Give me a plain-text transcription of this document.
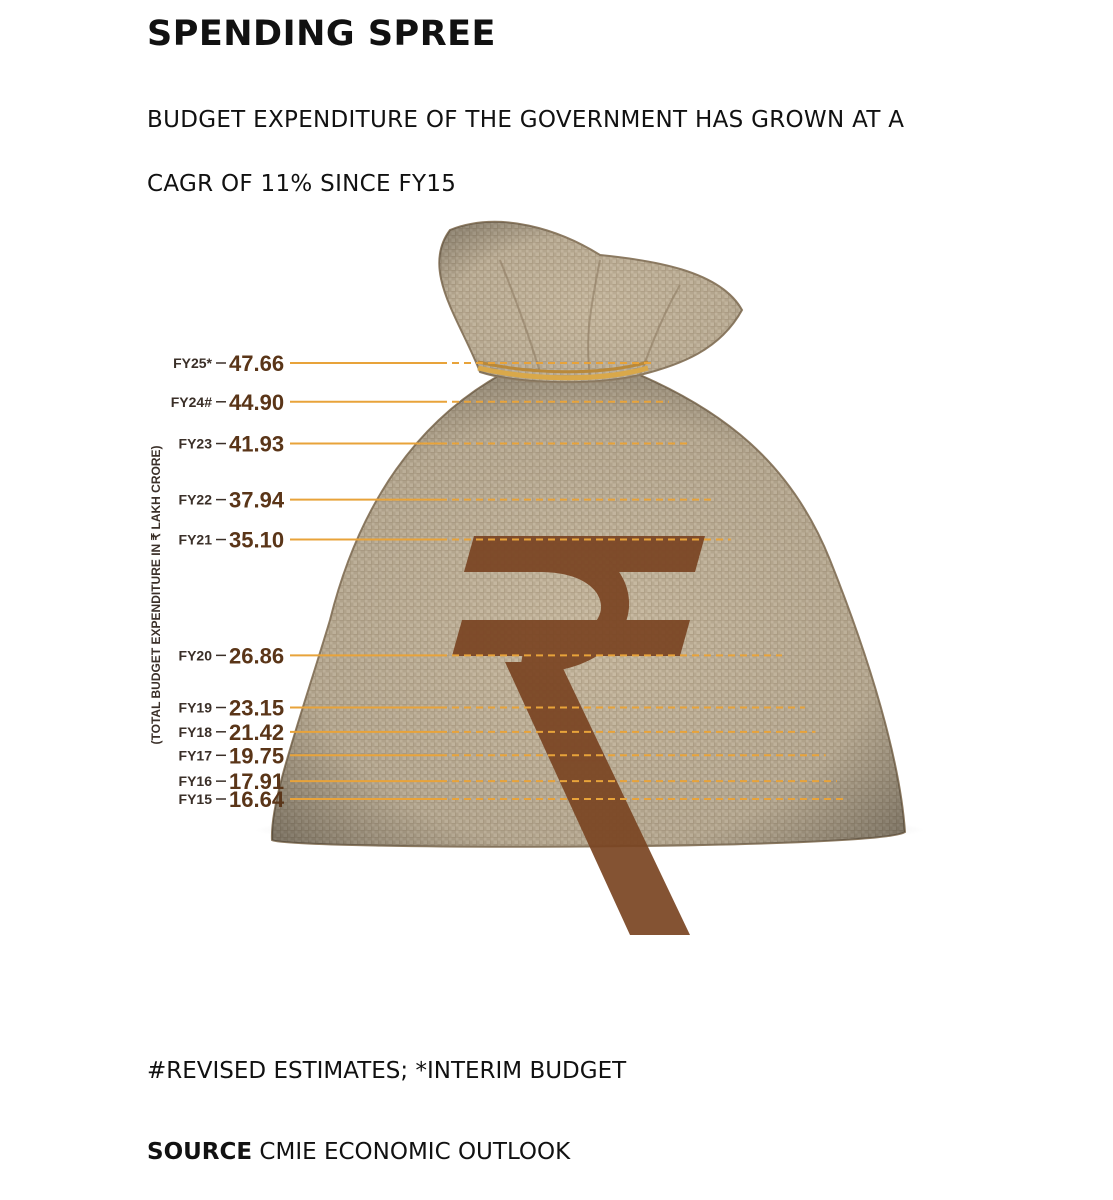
SPENDING SPREE

BUDGET EXPENDITURE OF THE GOVERNMENT HAS GROWN AT A CAGR OF 11% SINCE FY15

FY15 16.64
FY16 17.91
FY17 19.75
FY18 21.42
FY19 23.15
FY20 26.86
FY21 35.10
FY22 37.94
FY23 41.93
FY24# 44.90
FY25* 47.66
(TOTAL BUDGET EXPENDITURE IN ₹ LAKH CRORE)

#REVISED ESTIMATES; *INTERIM BUDGET

SOURCE CMIE ECONOMIC OUTLOOK
